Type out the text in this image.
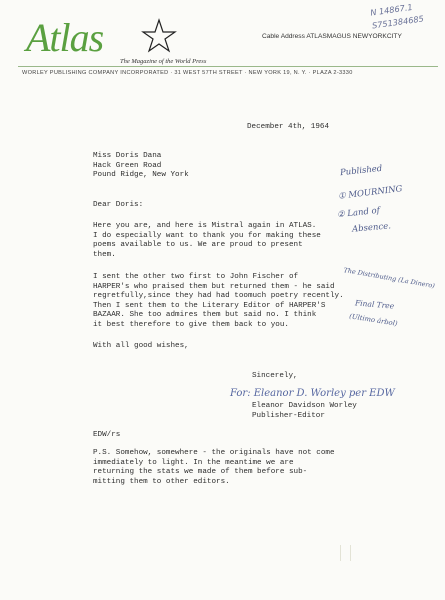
Atlas
The Magazine of the World Press
Cable Address ATLASMAGUS NEWYORKCITY
WORLEY PUBLISHING COMPANY INCORPORATED · 31 WEST 57TH STREET · NEW YORK 19, N. Y. · PLAZA 2-3330
N 14867.1
S751384685
December 4th, 1964
Miss Doris Dana
Hack Green Road
Pound Ridge, New York
Dear Doris:
Here you are, and here is Mistral again in ATLAS.
I do especially want to thank you for making these
poems available to us. We are proud to present
them.
I sent the other two first to John Fischer of
HARPER's who praised them but returned them - he said
regretfully,since they had had toomuch poetry recently.
Then I sent them to the Literary Editor of HARPER'S
BAZAAR. She too admires them but said no. I think
it best therefore to give them back to you.
With all good wishes,
Sincerely,
For: Eleanor D. Worley per EDW
Eleanor Davidson Worley
Publisher-Editor
EDW/rs
P.S. Somehow, somewhere - the originals have not come
immediately to light. In the meantime we are
returning the stats we made of them before sub-
mitting them to other editors.
Published
① MOURNING
② Land of
Absence.
The Distributing (La Dinero)
Final Tree
(Ultimo árbol)
